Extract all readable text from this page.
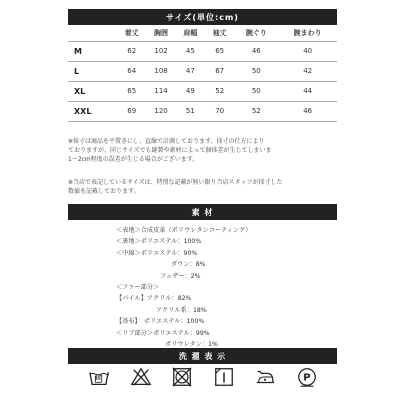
サイズ(単位:cm)
	着丈	胸囲	肩幅	袖丈	腕ぐり	腕まわり
M	62	102	45	65	46	40
L	64	108	47	67	50	42
XL	65	114	49	52	50	44
XXL	69	120	51	70	52	46
※採寸は商品を平置きにし、直線で計測しております。採寸の仕方により
ておりますが、同じサイズでも縫製や素材によって個体差が生じてしまいま
1〜2cm程度の誤差が生じる場合がございます。
※当店で表記しているサイズは、特別な記載が無い限り当店スタッフが採寸した
数値を記載しております。
素 材
＜表地＞合成皮革（ポリウレタンコーティング）
＜裏地＞ポリエステル：100%
＜中綿＞ポリエステル：90%
ダウン：8%
フェザー：2%
＜ファー部分＞
【パイル】アクリル：82%
アクリル系：18%
【基布】　ポリエステル：100%
＜リブ部分＞ポリエステル：99%
ポリウレタン：1%
洗 濯 表 示
P
